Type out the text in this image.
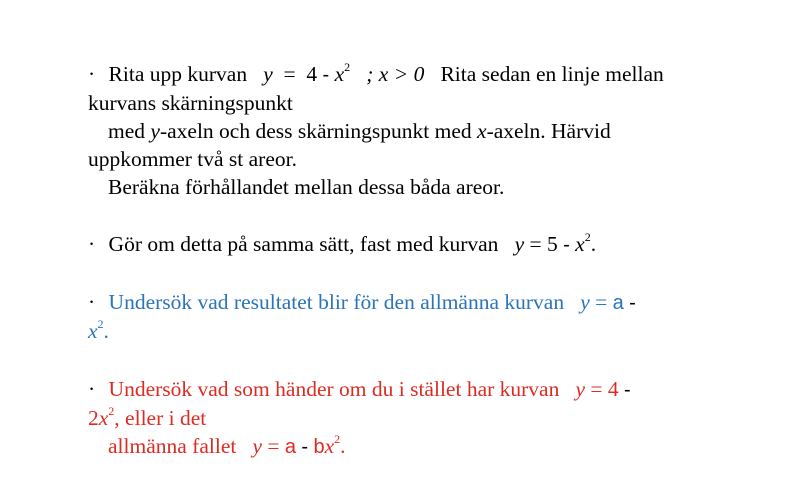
· Rita upp kurvan $y = 4 - x^2$ ; x > 0 Rita sedan en linje mellan
kurvans skärningspunkt
med y-axeln och dess skärningspunkt med x-axeln. Härvid
uppkommer två st areor.
Beräkna förhållandet mellan dessa båda areor.
· Gör om detta på samma sätt, fast med kurvan $y = 5 - x^2$.
· Undersök vad resultatet blir för den allmänna kurvan y = a -
$x^2$.
· Undersök vad som händer om du i stället har kurvan y = 4 -
$2x^2$, eller i det
allmänna fallet $y = a - bx^2$.
